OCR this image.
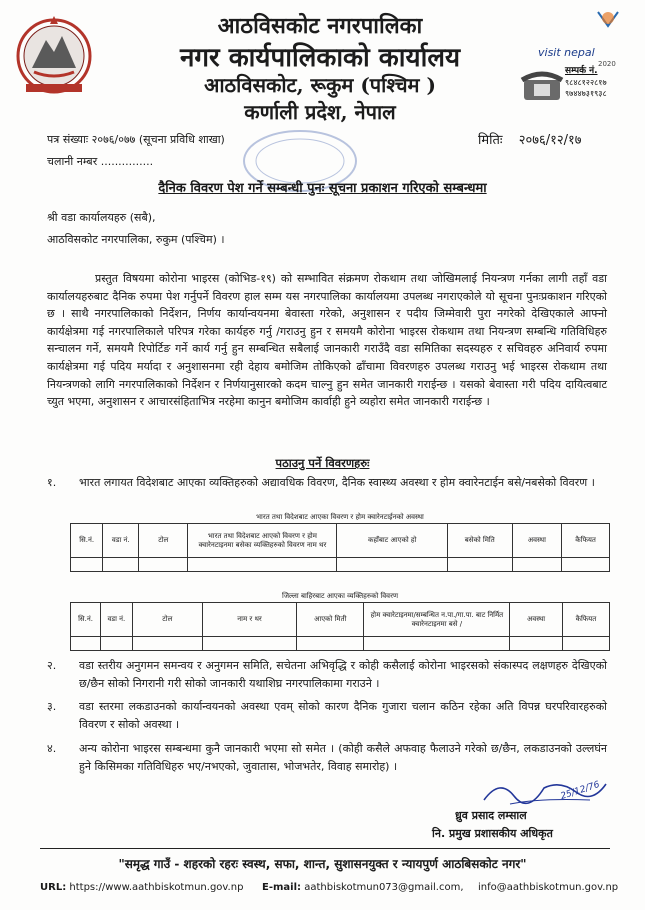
आठविसकोट नगरपालिका
नगर कार्यपालिकाको कार्यालय
आठविसकोट, रूकुम (पश्चिम )
कर्णाली प्रदेश, नेपाल
visit nepal
2020
सम्पर्क नं.
९८४८१२२८१७
९७४४७३१९३८
पत्र संख्याः २०७६/०७७ (सूचना प्रविधि शाखा)	मितिः २०७६/१२/१७
चलानी नम्बर ...............
दैनिक विवरण पेश गर्ने सम्बन्धी पुनः सूचना प्रकाशन गरिएको सम्बन्धमा
श्री वडा कार्यालयहरु (सबै),
आठविसकोट नगरपालिका, रुकुम (पश्चिम) ।
प्रस्तुत विषयमा कोरोना भाइरस (कोभिड-१९) को सम्भावित संक्रमण रोकथाम तथा जोखिमलाई नियन्त्रण गर्नका लागी तहाँ वडा कार्यालयहरुबाट दैनिक रुपमा पेश गर्नुपर्ने विवरण हाल सम्म यस नगरपालिका कार्यालयमा उपलब्ध नगराएकोले यो सूचना पुनःप्रकाशन गरिएको छ । साथै नगरपालिकाको निर्देशन, निर्णय कार्यान्वयनमा बेवास्ता गरेको, अनुशासन र पदीय जिम्मेवारी पुरा नगरेको देखिएकाले आफ्नो कार्यक्षेत्रमा गई नगरपालिकाले परिपत्र गरेका कार्यहरु गर्नु /गराउनु हुन र समयमै कोरोना भाइरस रोकथाम तथा नियन्त्रण सम्बन्धि गतिविधिहरु सन्चालन गर्ने, समयमै रिपोर्टिङ गर्ने कार्य गर्नु हुन सम्बन्धित सबैलाई जानकारी गराउँदै वडा समितिका सदस्यहरु र सचिवहरु अनिवार्य रुपमा कार्यक्षेत्रमा गई पदिय मर्यादा र अनुशासनमा रही देहाय बमोजिम तोकिएको ढाँचामा विवरणहरु उपलब्ध गराउनु भई भाइरस रोकथाम तथा नियन्त्रणको लागि नगरपालिकाको निर्देशन र निर्णयानुसारको कदम चाल्नु हुन समेत जानकारी गराईन्छ । यसको बेवास्ता गरी पदिय दायित्वबाट च्युत भएमा, अनुशासन र आचारसंहिताभित्र नरहेमा कानुन बमोजिम कार्वाही हुने व्यहोरा समेत जानकारी गराईन्छ ।
पठाउनु पर्ने विवरणहरुः
१.	भारत लगायत विदेशबाट आएका व्यक्तिहरुको अद्यावधिक विवरण, दैनिक स्वास्थ्य अवस्था र होम क्वारेनटाईन बसे/नबसेको विवरण ।
भारत तथा विदेशबाट आएका विवरण र होम क्वारेनटाईनको अवस्था
सि.नं.	वडा नं.	टोल	भारत तथा विदेशबाट आएको विवरण र होम क्वारेनटाइनमा बसेका व्यक्तिहरुको विवरण नाम थर	कहाँबाट आएको हो	बसेको मिति	अवस्था	कैफियत

जिल्ला बाहिरबाट आएका व्यक्तिहरुको विवरण
सि.नं.	वडा नं.	टोल	नाम र थर	आएको मिती	होम क्वारेटाइनमा/सम्बन्धित न.पा./गा.पा. बाट निर्मित क्वारेनटाइनमा बसे /	अवस्था	कैफियत

२.	वडा स्तरीय अनुगमन समन्वय र अनुगमन समिति, सचेतना अभिवृद्धि र कोही कसैलाई कोरोना भाइरसको संकास्पद लक्षणहरु देखिएको छ/छैन सोको निगरानी गरी सोको जानकारी यथाशिघ्र नगरपालिकामा गराउने ।
३.	वडा स्तरमा लकडाउनको कार्यान्वयनको अवस्था एवम् सोको कारण दैनिक गुजारा चलान कठिन रहेका अति विपन्न घरपरिवारहरुको विवरण र सोको अवस्था ।
४.	अन्य कोरोना भाइरस सम्बन्धमा कुनै जानकारी भएमा सो समेत । (कोही कसैले अफवाह फैलाउने गरेको छ/छैन, लकडाउनको उल्लघंन हुने किसिमका गतिविधिहरु भए/नभएको, जुवातास, भोजभतेर, विवाह समारोह) ।
25/12/76
ध्रुव प्रसाद लम्साल
नि. प्रमुख प्रशासकीय अधिकृत
"समृद्ध गाउँ - शहरको रहरः स्वस्थ, सफा, शान्त, सुशासनयुक्त र न्यायपुर्ण आठबिसकोट नगर"
URL: https://www.aathbiskotmun.gov.np E-mail: aathbiskotmun073@gmail.com, info@aathbiskotmun.gov.np
